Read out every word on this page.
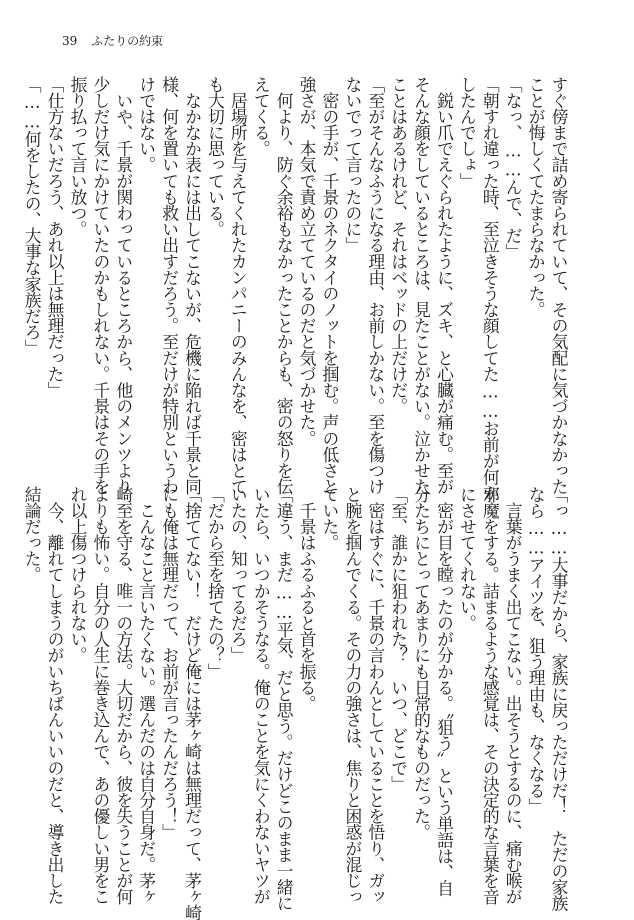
39 ふたりの約束

すぐ傍まで詰め寄られていて、その気配に気づかなかった

ことが悔しくてたまらなかった。

「なっ、……んで、だ」

「朝すれ違った時、至泣きそうな顔してた……お前が何か

したんでしょ」

　鋭い爪でえぐられたように、ズキ、と心臓が痛む。至が

そんな顔をしているところは、見たことがない。泣かせた

ことはあるけれど、それはベッドの上だけだ。

「至がそんなふうになる理由、お前しかない。至を傷つけ

ないでって言ったのに」

　密の手が、千景のネクタイのノットを掴む。声の低さと

強さが、本気で責め立てているのだと気づかせた。

　何より、防ぐ余裕もなかったことからも、密の怒りを伝

えてくる。

　居場所を与えてくれたカンパニーのみんなを、密はとて

も大切に思っている。

　なかなか表には出してこないが、危機に陥れば千景と同

様、何を置いても救い出すだろう。至だけが特別というわ

けではない。

　いや、千景が関わっているところから、他のメンツより

少しだけ気にかけていたのかもしれない。千景はその手を

振り払って言い放つ。

「仕方ないだろう、あれ以上は無理だった」

「……何をしたの、大事な家族だろ」

「っ……大事だから、家族に戻っただけだ！　ただの家族

なら……アイツを、狙う理由も、なくなる」

　言葉がうまく出てこない。出そうとするのに、痛む喉が

邪魔をする。詰まるような感覚は、その決定的な言葉を音

にさせてくれない。

　密が目を瞠ったのが分かる。〝狙う〟という単語は、自

分たちにとってあまりにも日常的なものだった。

「至、誰かに狙われた？　いつ、どこで」

　密はすぐに、千景の言わんとしていることを悟り、ガッ

と腕を掴んでくる。その力の強さは、焦りと困惑が混じっ

ていた。

　千景はふるふると首を振る。

「違う、まだ……平気、だと思う。だけどこのまま一緒に

いたら、いつかそうなる。俺のことを気にくわないヤツが

いたの、知ってるだろ」

「だから至を捨てたの？」

「捨ててない！　だけど俺には茅ヶ崎は無理だって、茅ヶ崎

にも俺は無理だって、お前が言ったんだろう！」

　こんなこと言いたくない。選んだのは自分自身だ。茅ヶ

崎至を守る、唯一の方法。大切だから、彼を失うことが何

よりも怖い。自分の人生に巻き込んで、あの優しい男をこ

れ以上傷つけられない。

　今、離れてしまうのがいちばんいいのだと、導き出した

結論だった。
